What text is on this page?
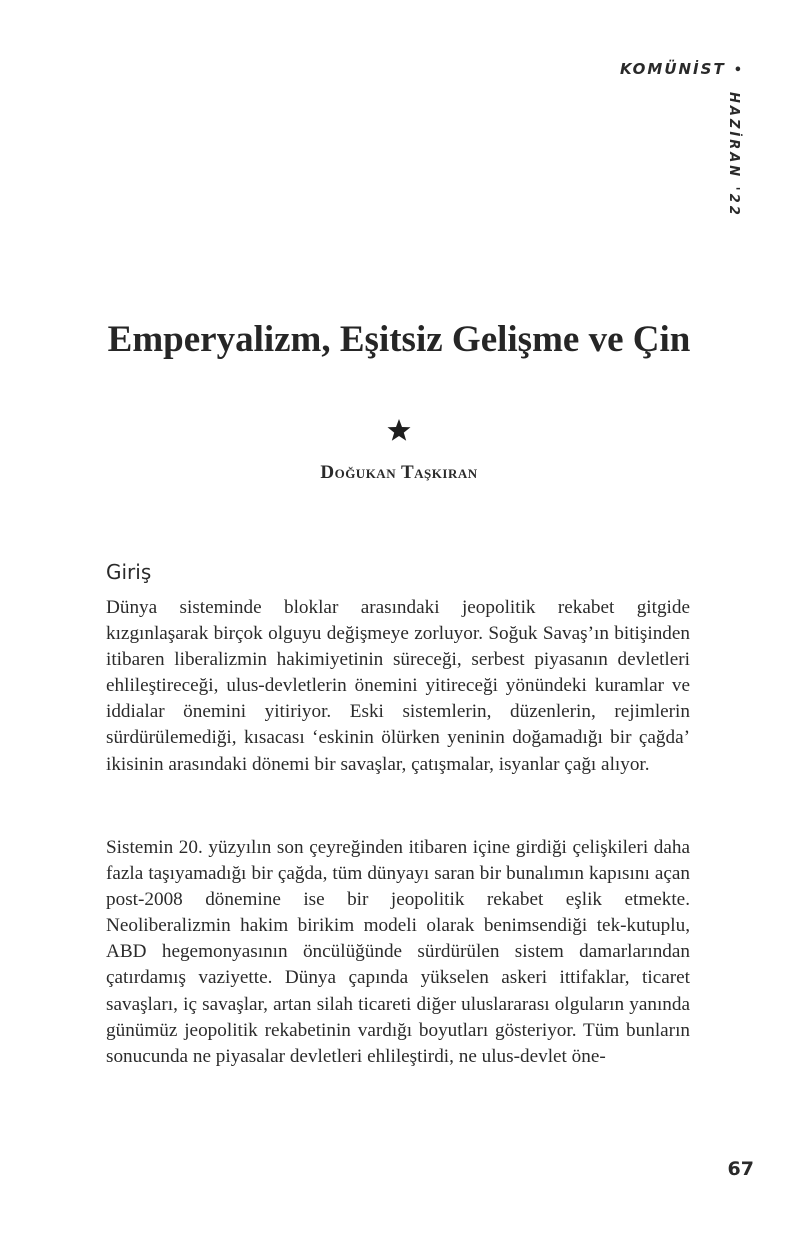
KOMÜNİST •
HAZİRAN '22
Emperyalizm, Eşitsiz Gelişme ve Çin
Doğukan Taşkıran
Giriş

Dünya sisteminde bloklar arasındaki jeopolitik rekabet gitgide kızgınlaşarak birçok olguyu değişmeye zorluyor. Soğuk Savaş’ın bitişinden itibaren liberalizmin hakimiyetinin süreceği, serbest piyasanın devletleri ehlileştireceği, ulus-devletlerin önemini yitireceği yönündeki kuramlar ve iddialar önemini yitiriyor. Eski sistemlerin, düzenlerin, rejimlerin sürdürülemediği, kısacası ‘eskinin ölürken yeninin doğamadığı bir çağda’ ikisinin arasındaki dönemi bir savaşlar, çatışmalar, isyanlar çağı alıyor.

Sistemin 20. yüzyılın son çeyreğinden itibaren içine girdiği çelişkileri daha fazla taşıyamadığı bir çağda, tüm dünyayı saran bir bunalımın kapısını açan post-2008 dönemine ise bir jeopolitik rekabet eşlik etmekte. Neoliberalizmin hakim birikim modeli olarak benimsendiği tek-kutuplu, ABD hegemonyasının öncülüğünde sürdürülen sistem damarlarından çatırdamış vaziyette. Dünya çapında yükselen askeri ittifaklar, ticaret savaşları, iç savaşlar, artan silah ticareti diğer uluslararası olguların yanında günümüz jeopolitik rekabetinin vardığı boyutları gösteriyor. Tüm bunların sonucunda ne piyasalar devletleri ehlileştirdi, ne ulus-devlet öne-

67
